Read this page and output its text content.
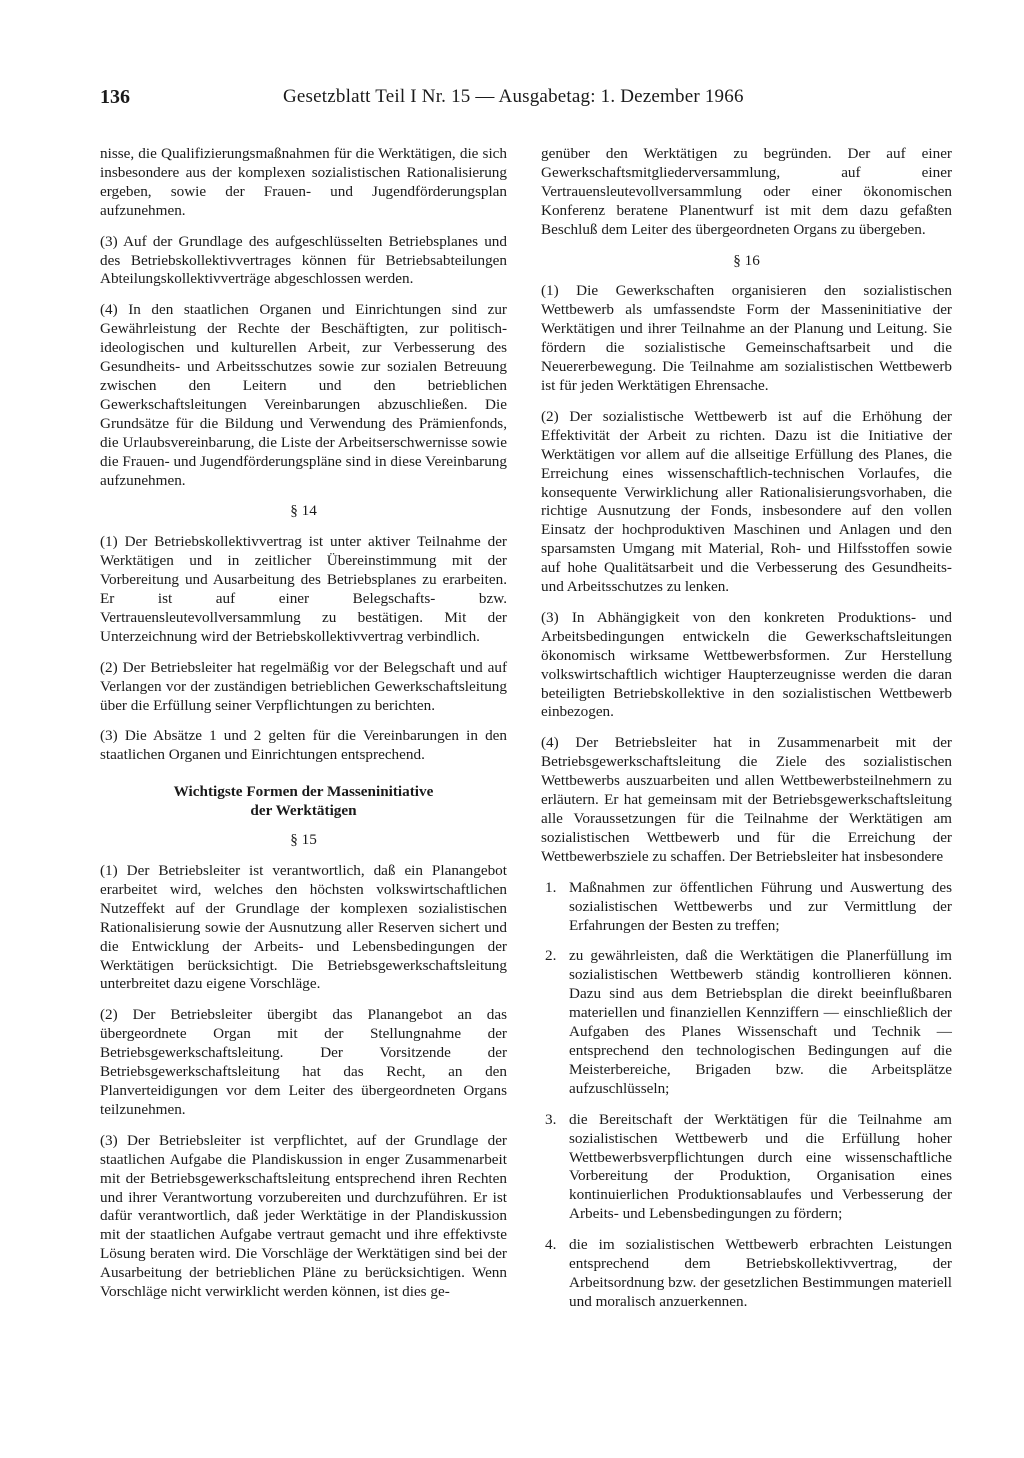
136	Gesetzblatt Teil I Nr. 15 — Ausgabetag: 1. Dezember 1966

nisse, die Qualifizierungsmaßnahmen für die Werktätigen, die sich insbesondere aus der komplexen sozialistischen Rationalisierung ergeben, sowie der Frauen- und Jugendförderungsplan aufzunehmen.

(3) Auf der Grundlage des aufgeschlüsselten Betriebsplanes und des Betriebskollektivvertrages können für Betriebsabteilungen Abteilungskollektivverträge abgeschlossen werden.

(4) In den staatlichen Organen und Einrichtungen sind zur Gewährleistung der Rechte der Beschäftigten, zur politisch-ideologischen und kulturellen Arbeit, zur Verbesserung des Gesundheits- und Arbeitsschutzes sowie zur sozialen Betreuung zwischen den Leitern und den betrieblichen Gewerkschaftsleitungen Vereinbarungen abzuschließen. Die Grundsätze für die Bildung und Verwendung des Prämienfonds, die Urlaubsvereinbarung, die Liste der Arbeitserschwernisse sowie die Frauen- und Jugendförderungspläne sind in diese Vereinbarung aufzunehmen.

§ 14

(1) Der Betriebskollektivvertrag ist unter aktiver Teilnahme der Werktätigen und in zeitlicher Übereinstimmung mit der Vorbereitung und Ausarbeitung des Betriebsplanes zu erarbeiten. Er ist auf einer Belegschafts- bzw. Vertrauensleutevollversammlung zu bestätigen. Mit der Unterzeichnung wird der Betriebskollektivvertrag verbindlich.

(2) Der Betriebsleiter hat regelmäßig vor der Belegschaft und auf Verlangen vor der zuständigen betrieblichen Gewerkschaftsleitung über die Erfüllung seiner Verpflichtungen zu berichten.

(3) Die Absätze 1 und 2 gelten für die Vereinbarungen in den staatlichen Organen und Einrichtungen entsprechend.

Wichtigste Formen der Masseninitiative
der Werktätigen
§ 15

(1) Der Betriebsleiter ist verantwortlich, daß ein Planangebot erarbeitet wird, welches den höchsten volkswirtschaftlichen Nutzeffekt auf der Grundlage der komplexen sozialistischen Rationalisierung sowie der Ausnutzung aller Reserven sichert und die Entwicklung der Arbeits- und Lebensbedingungen der Werktätigen berücksichtigt. Die Betriebsgewerkschaftsleitung unterbreitet dazu eigene Vorschläge.

(2) Der Betriebsleiter übergibt das Planangebot an das übergeordnete Organ mit der Stellungnahme der Betriebsgewerkschaftsleitung. Der Vorsitzende der Betriebsgewerkschaftsleitung hat das Recht, an den Planverteidigungen vor dem Leiter des übergeordneten Organs teilzunehmen.

(3) Der Betriebsleiter ist verpflichtet, auf der Grundlage der staatlichen Aufgabe die Plandiskussion in enger Zusammenarbeit mit der Betriebsgewerkschaftsleitung entsprechend ihren Rechten und ihrer Verantwortung vorzubereiten und durchzuführen. Er ist dafür verantwortlich, daß jeder Werktätige in der Plandiskussion mit der staatlichen Aufgabe vertraut gemacht und ihre effektivste Lösung beraten wird. Die Vorschläge der Werktätigen sind bei der Ausarbeitung der betrieblichen Pläne zu berücksichtigen. Wenn Vorschläge nicht verwirklicht werden können, ist dies ge-

genüber den Werktätigen zu begründen. Der auf einer Gewerkschaftsmitgliederversammlung, auf einer Vertrauensleutevollversammlung oder einer ökonomischen Konferenz beratene Planentwurf ist mit dem dazu gefaßten Beschluß dem Leiter des übergeordneten Organs zu übergeben.

§ 16

(1) Die Gewerkschaften organisieren den sozialistischen Wettbewerb als umfassendste Form der Masseninitiative der Werktätigen und ihrer Teilnahme an der Planung und Leitung. Sie fördern die sozialistische Gemeinschaftsarbeit und die Neuererbewegung. Die Teilnahme am sozialistischen Wettbewerb ist für jeden Werktätigen Ehrensache.

(2) Der sozialistische Wettbewerb ist auf die Erhöhung der Effektivität der Arbeit zu richten. Dazu ist die Initiative der Werktätigen vor allem auf die allseitige Erfüllung des Planes, die Erreichung eines wissenschaftlich-technischen Vorlaufes, die konsequente Verwirklichung aller Rationalisierungsvorhaben, die richtige Ausnutzung der Fonds, insbesondere auf den vollen Einsatz der hochproduktiven Maschinen und Anlagen und den sparsamsten Umgang mit Material, Roh- und Hilfsstoffen sowie auf hohe Qualitätsarbeit und die Verbesserung des Gesundheits- und Arbeitsschutzes zu lenken.

(3) In Abhängigkeit von den konkreten Produktions- und Arbeitsbedingungen entwickeln die Gewerkschaftsleitungen ökonomisch wirksame Wettbewerbsformen. Zur Herstellung volkswirtschaftlich wichtiger Haupterzeugnisse werden die daran beteiligten Betriebskollektive in den sozialistischen Wettbewerb einbezogen.

(4) Der Betriebsleiter hat in Zusammenarbeit mit der Betriebsgewerkschaftsleitung die Ziele des sozialistischen Wettbewerbs auszuarbeiten und allen Wettbewerbsteilnehmern zu erläutern. Er hat gemeinsam mit der Betriebsgewerkschaftsleitung alle Voraussetzungen für die Teilnahme der Werktätigen am sozialistischen Wettbewerb und für die Erreichung der Wettbewerbsziele zu schaffen. Der Betriebsleiter hat insbesondere

1. Maßnahmen zur öffentlichen Führung und Auswertung des sozialistischen Wettbewerbs und zur Vermittlung der Erfahrungen der Besten zu treffen;
2. zu gewährleisten, daß die Werktätigen die Planerfüllung im sozialistischen Wettbewerb ständig kontrollieren können. Dazu sind aus dem Betriebsplan die direkt beeinflußbaren materiellen und finanziellen Kennziffern — einschließlich der Aufgaben des Planes Wissenschaft und Technik — entsprechend den technologischen Bedingungen auf die Meisterbereiche, Brigaden bzw. die Arbeitsplätze aufzuschlüsseln;
3. die Bereitschaft der Werktätigen für die Teilnahme am sozialistischen Wettbewerb und die Erfüllung hoher Wettbewerbsverpflichtungen durch eine wissenschaftliche Vorbereitung der Produktion, Organisation eines kontinuierlichen Produktionsablaufes und Verbesserung der Arbeits- und Lebensbedingungen zu fördern;
4. die im sozialistischen Wettbewerb erbrachten Leistungen entsprechend dem Betriebskollektivvertrag, der Arbeitsordnung bzw. der gesetzlichen Bestimmungen materiell und moralisch anzuerkennen.
